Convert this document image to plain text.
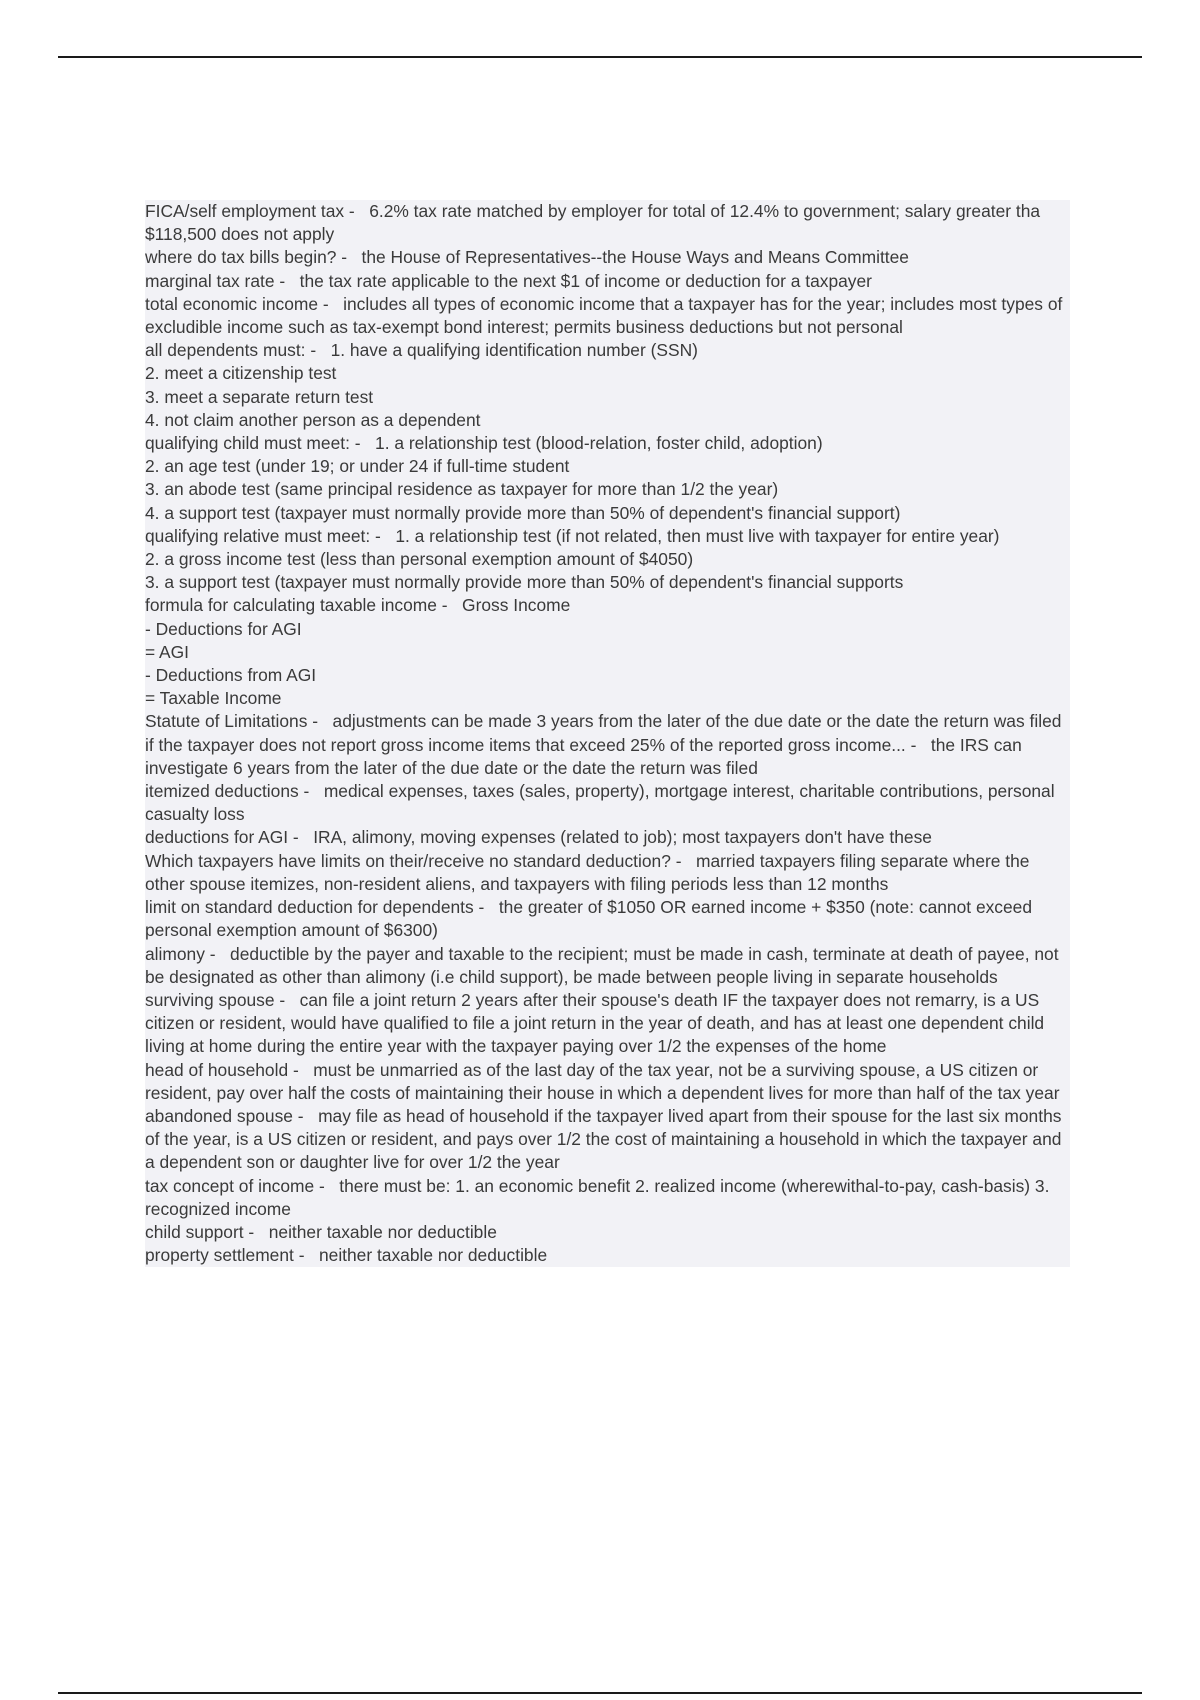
FICA/self employment tax -   6.2% tax rate matched by employer for total of 12.4% to government; salary greater tha $118,500 does not apply
where do tax bills begin? -   the House of Representatives--the House Ways and Means Committee
marginal tax rate -   the tax rate applicable to the next $1 of income or deduction for a taxpayer
total economic income -   includes all types of economic income that a taxpayer has for the year; includes most types of excludible income such as tax-exempt bond interest; permits business deductions but not personal
all dependents must: -   1. have a qualifying identification number (SSN)
2. meet a citizenship test
3. meet a separate return test
4. not claim another person as a dependent
qualifying child must meet: -   1. a relationship test (blood-relation, foster child, adoption)
2. an age test (under 19; or under 24 if full-time student
3. an abode test (same principal residence as taxpayer for more than 1/2 the year)
4. a support test (taxpayer must normally provide more than 50% of dependent's financial support)
qualifying relative must meet: -   1. a relationship test (if not related, then must live with taxpayer for entire year)
2. a gross income test (less than personal exemption amount of $4050)
3. a support test (taxpayer must normally provide more than 50% of dependent's financial supports
formula for calculating taxable income -   Gross Income
- Deductions for AGI
= AGI
- Deductions from AGI
= Taxable Income
Statute of Limitations -   adjustments can be made 3 years from the later of the due date or the date the return was filed
if the taxpayer does not report gross income items that exceed 25% of the reported gross income... -   the IRS can investigate 6 years from the later of the due date or the date the return was filed
itemized deductions -   medical expenses, taxes (sales, property), mortgage interest, charitable contributions, personal casualty loss
deductions for AGI -   IRA, alimony, moving expenses (related to job); most taxpayers don't have these
Which taxpayers have limits on their/receive no standard deduction? -   married taxpayers filing separate where the other spouse itemizes, non-resident aliens, and taxpayers with filing periods less than 12 months
limit on standard deduction for dependents -   the greater of $1050 OR earned income + $350 (note: cannot exceed personal exemption amount of $6300)
alimony -   deductible by the payer and taxable to the recipient; must be made in cash, terminate at death of payee, not be designated as other than alimony (i.e child support), be made between people living in separate households
surviving spouse -   can file a joint return 2 years after their spouse's death IF the taxpayer does not remarry, is a US citizen or resident, would have qualified to file a joint return in the year of death, and has at least one dependent child living at home during the entire year with the taxpayer paying over 1/2 the expenses of the home
head of household -   must be unmarried as of the last day of the tax year, not be a surviving spouse, a US citizen or resident, pay over half the costs of maintaining their house in which a dependent lives for more than half of the tax year
abandoned spouse -   may file as head of household if the taxpayer lived apart from their spouse for the last six months of the year, is a US citizen or resident, and pays over 1/2 the cost of maintaining a household in which the taxpayer and a dependent son or daughter live for over 1/2 the year
tax concept of income -   there must be: 1. an economic benefit 2. realized income (wherewithal-to-pay, cash-basis) 3. recognized income
child support -   neither taxable nor deductible
property settlement -   neither taxable nor deductible
